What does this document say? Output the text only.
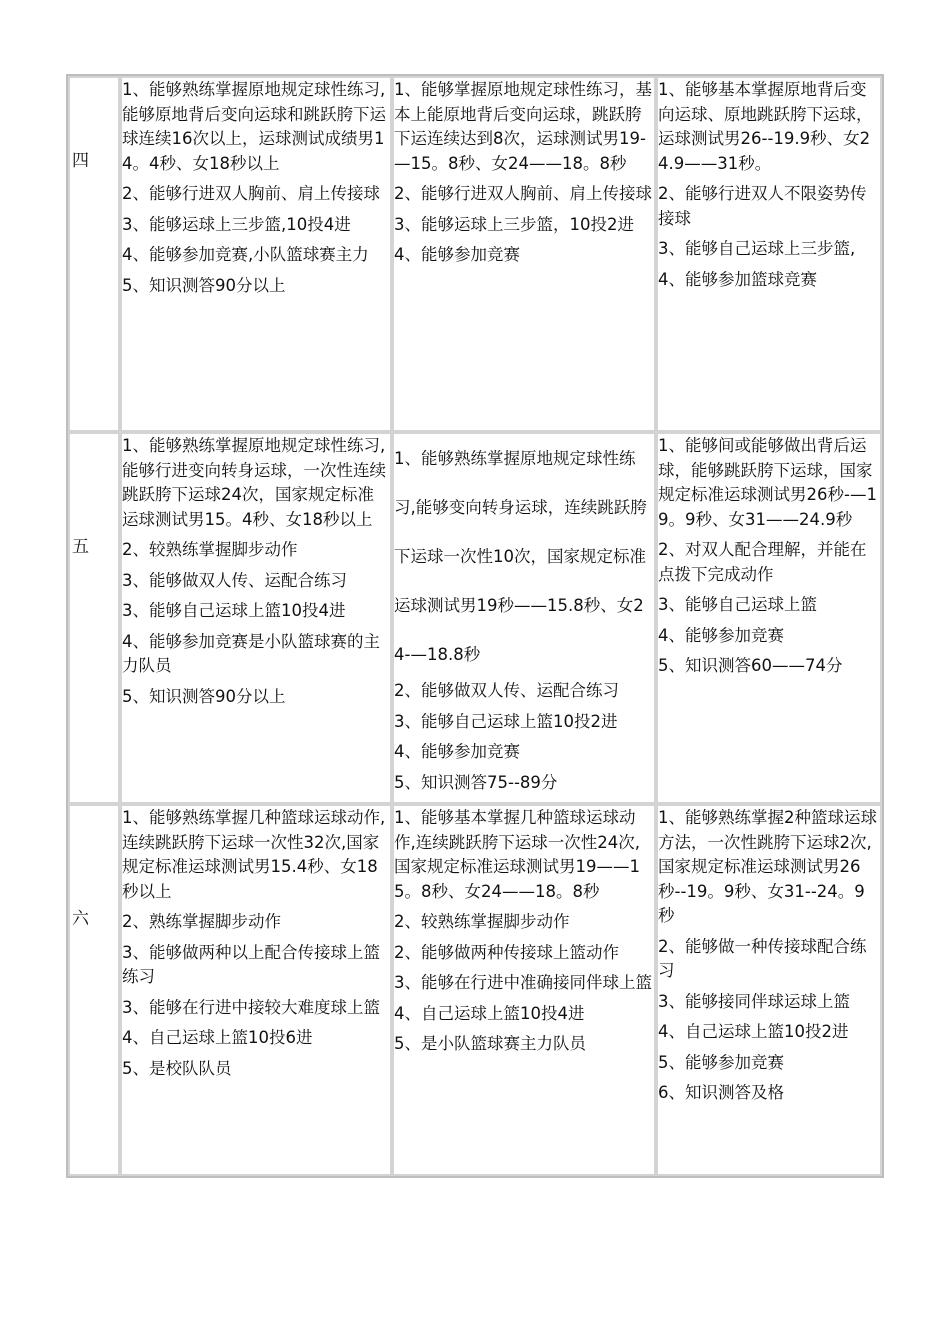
四
1、能够熟练掌握原地规定球性练习,能够原地背后变向运球和跳跃胯下运球连续16次以上，运球测试成绩男14。4秒、女18秒以上
2、能够行进双人胸前、肩上传接球
3、能够运球上三步篮,10投4进
4、能够参加竞赛,小队篮球赛主力
5、知识测答90分以上
1、能够掌握原地规定球性练习，基本上能原地背后变向运球，跳跃胯下运连续达到8次，运球测试男19-—15。8秒、女24——18。8秒
2、能够行进双人胸前、肩上传接球
3、能够运球上三步篮，10投2进
4、能够参加竞赛
1、能够基本掌握原地背后变向运球、原地跳跃胯下运球，运球测试男26--19.9秒、女24.9——31秒。
2、能够行进双人不限姿势传接球
3、能够自己运球上三步篮,
4、能够参加篮球竞赛
五
1、能够熟练掌握原地规定球性练习,能够行进变向转身运球，一次性连续跳跃胯下运球24次，国家规定标准运球测试男15。4秒、女18秒以上
2、较熟练掌握脚步动作
3、能够做双人传、运配合练习
3、能够自己运球上篮10投4进
4、能够参加竞赛是小队篮球赛的主力队员
5、知识测答90分以上
1、能够熟练掌握原地规定球性练习,能够变向转身运球，连续跳跃胯下运球一次性10次，国家规定标准运球测试男19秒——15.8秒、女24-—18.8秒
2、能够做双人传、运配合练习
3、能够自己运球上篮10投2进
4、能够参加竞赛
5、知识测答75--89分
1、能够间或能够做出背后运球，能够跳跃胯下运球，国家规定标准运球测试男26秒-—19。9秒、女31——24.9秒
2、对双人配合理解，并能在点拨下完成动作
3、能够自己运球上篮
4、能够参加竞赛
5、知识测答60——74分
六
1、能够熟练掌握几种篮球运球动作,连续跳跃胯下运球一次性32次,国家规定标准运球测试男15.4秒、女18秒以上
2、熟练掌握脚步动作
3、能够做两种以上配合传接球上篮练习
3、能够在行进中接较大难度球上篮
4、自己运球上篮10投6进
5、是校队队员
1、能够基本掌握几种篮球运球动作,连续跳跃胯下运球一次性24次,国家规定标准运球测试男19——15。8秒、女24——18。8秒
2、较熟练掌握脚步动作
2、能够做两种传接球上篮动作
3、能够在行进中准确接同伴球上篮
4、自己运球上篮10投4进
5、是小队篮球赛主力队员
1、能够熟练掌握2种篮球运球方法，一次性跳胯下运球2次,国家规定标准运球测试男26秒--19。9秒、女31--24。9秒
2、能够做一种传接球配合练习
3、能够接同伴球运球上篮
4、自己运球上篮10投2进
5、能够参加竞赛
6、知识测答及格
